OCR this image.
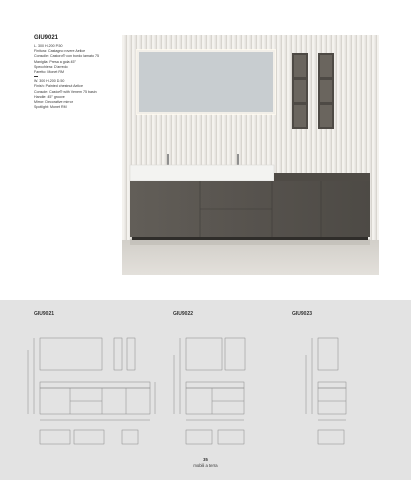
GIU9021
L. 300 H.200 P.50
Finitura: Castagno rovere Aelice
Consolle: Castoro® con bordo lamato 75
Maniglia: Presa a gola 45°
Specchiera: D'arredo
Faretto: Monet RM
W. 300 H.200 D.50
Finish: Painted chestnut Aelice
Console: Castor® with Venem 75 basin
Handle: 45° groove
Mirror: Decorative mirror
Spotlight: Monet RM
GIU9021	GIU9022	GIU9023
35
mobili a terra
